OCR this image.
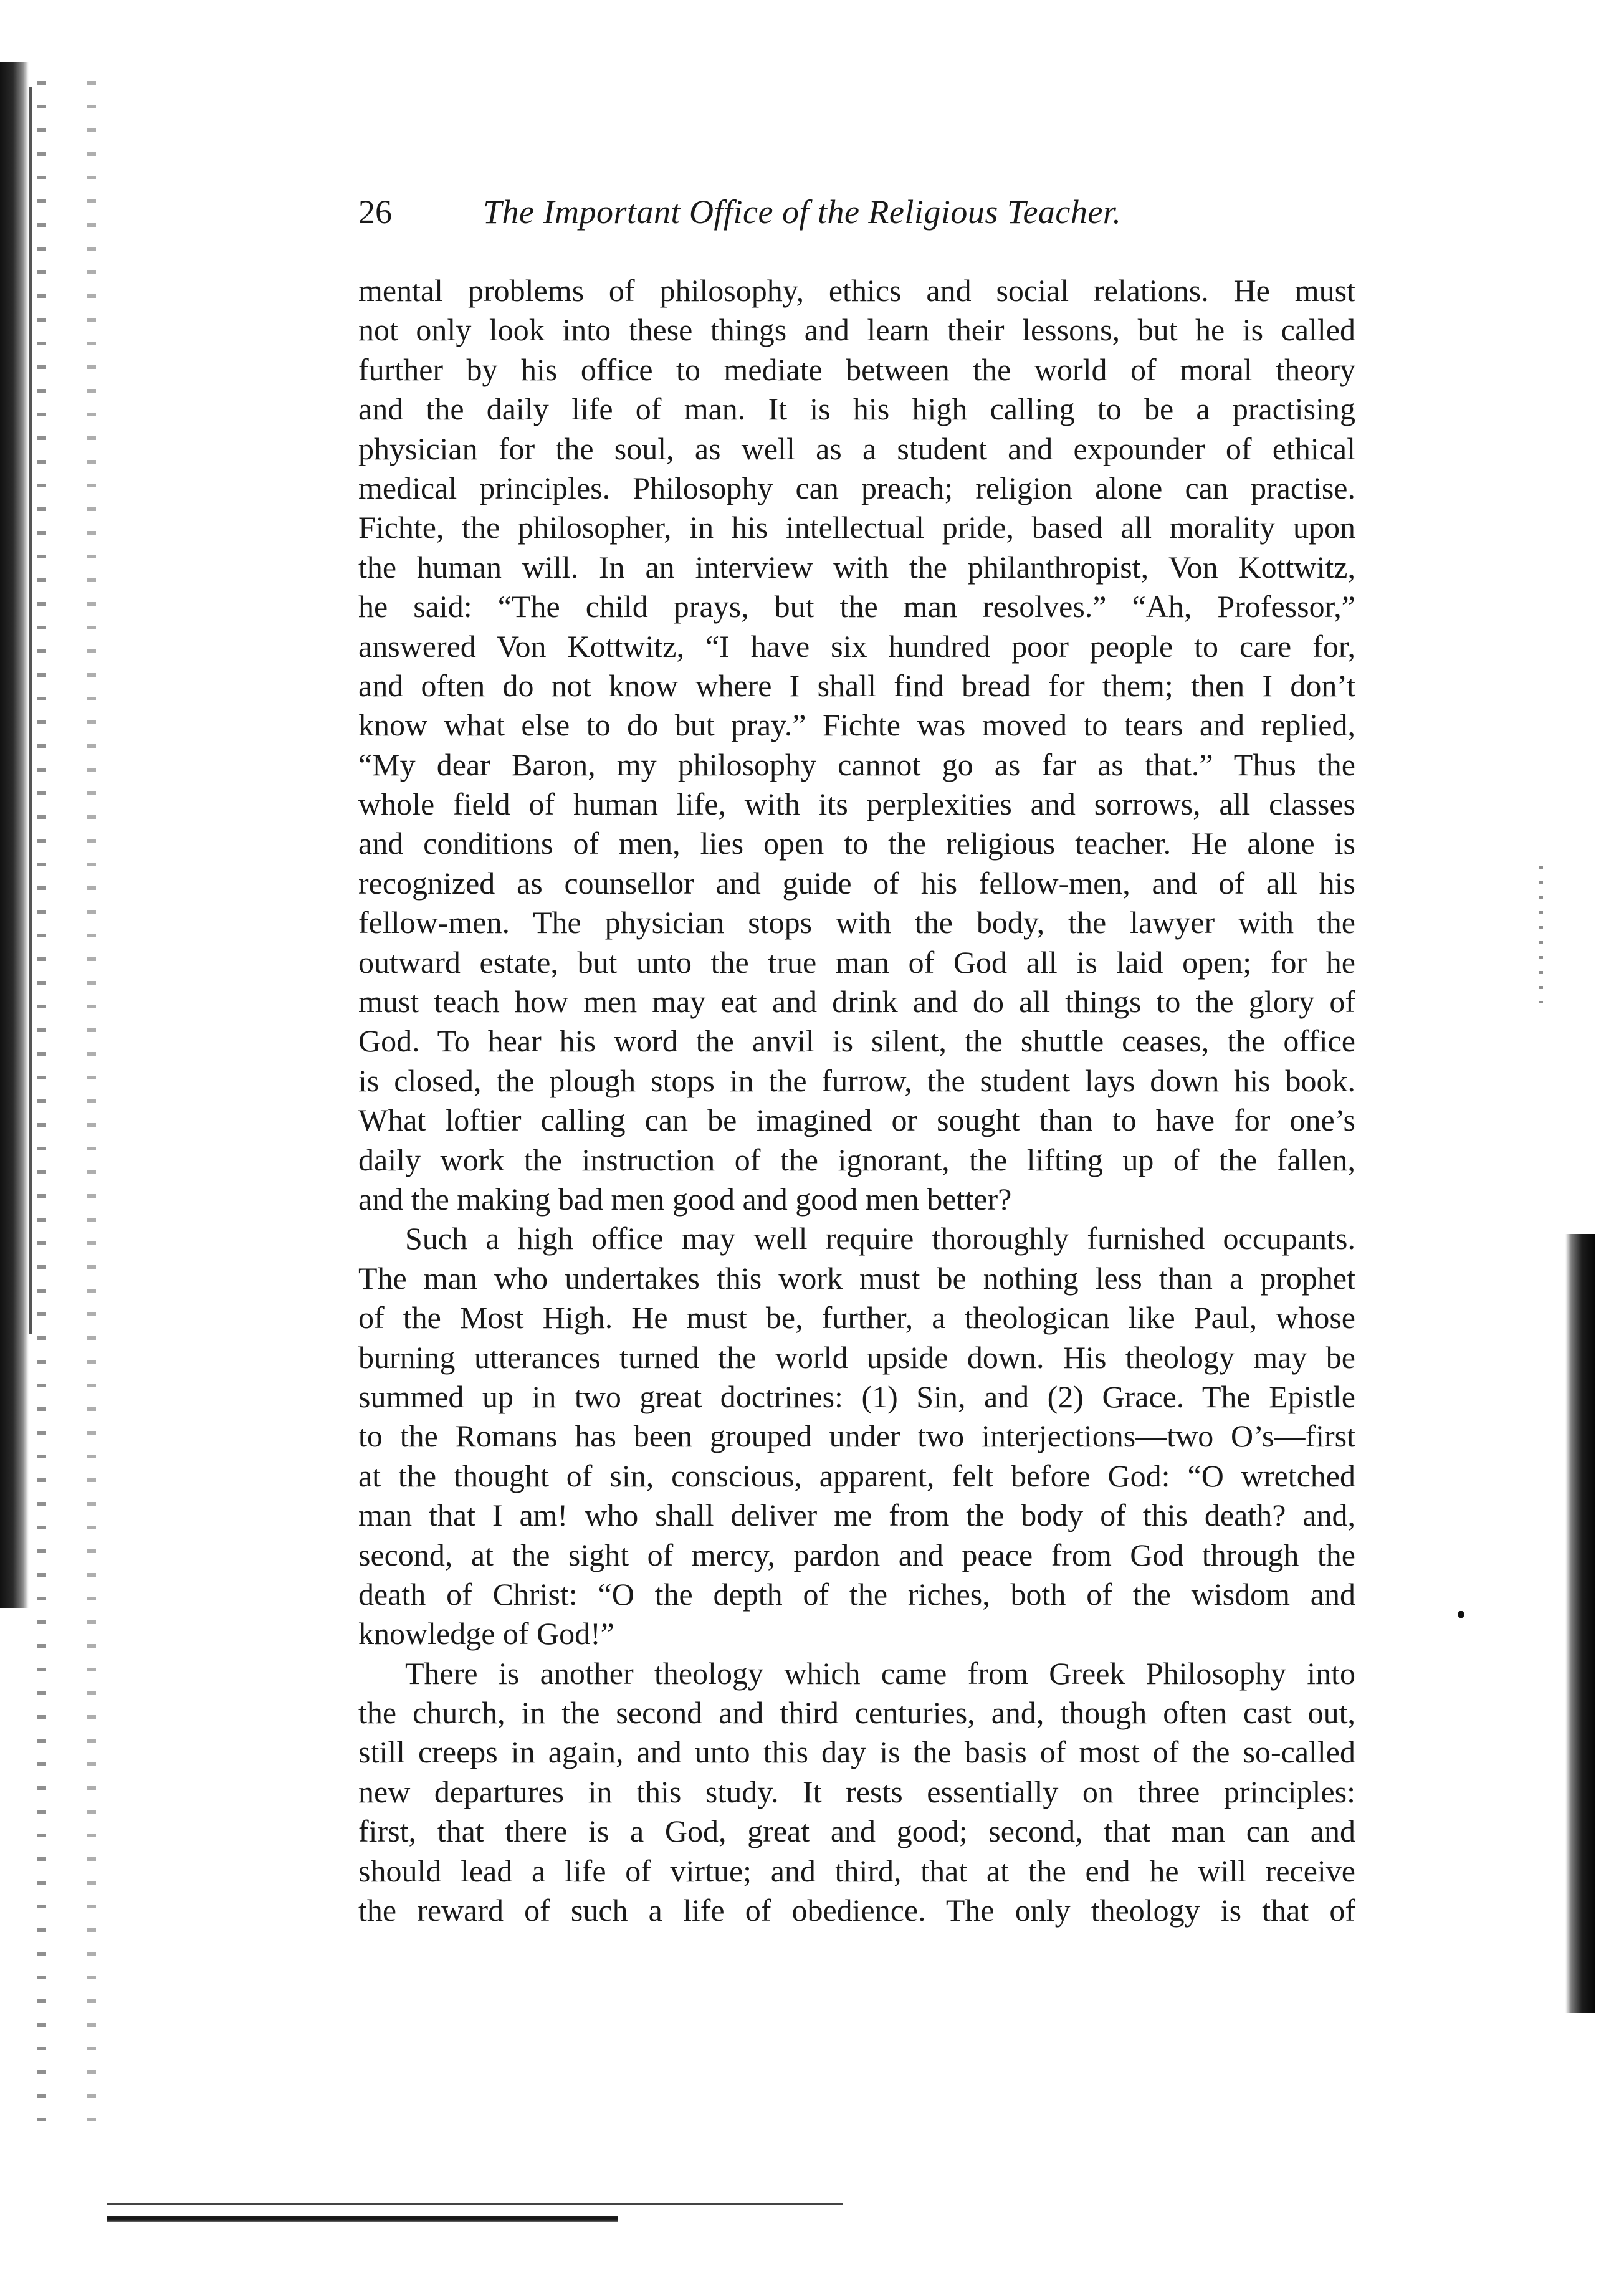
26	The Important Office of the Religious Teacher.
mental problems of philosophy, ethics and social relations. He must
not only look into these things and learn their lessons, but he is called
further by his office to mediate between the world of moral theory
and the daily life of man. It is his high calling to be a practising
physician for the soul, as well as a student and expounder of ethical
medical principles. Philosophy can preach; religion alone can practise.
Fichte, the philosopher, in his intellectual pride, based all morality upon
the human will. In an interview with the philanthropist, Von Kottwitz,
he said: “The child prays, but the man resolves.” “Ah, Professor,”
answered Von Kottwitz, “I have six hundred poor people to care for,
and often do not know where I shall find bread for them; then I don’t
know what else to do but pray.” Fichte was moved to tears and replied,
“My dear Baron, my philosophy cannot go as far as that.” Thus the
whole field of human life, with its perplexities and sorrows, all classes
and conditions of men, lies open to the religious teacher. He alone is
recognized as counsellor and guide of his fellow-men, and of all his
fellow-men. The physician stops with the body, the lawyer with the
outward estate, but unto the true man of God all is laid open; for he
must teach how men may eat and drink and do all things to the glory of
God. To hear his word the anvil is silent, the shuttle ceases, the office
is closed, the plough stops in the furrow, the student lays down his book.
What loftier calling can be imagined or sought than to have for one’s
daily work the instruction of the ignorant, the lifting up of the fallen,
and the making bad men good and good men better?
Such a high office may well require thoroughly furnished occupants.
The man who undertakes this work must be nothing less than a prophet
of the Most High. He must be, further, a theologican like Paul, whose
burning utterances turned the world upside down. His theology may be
summed up in two great doctrines: (1) Sin, and (2) Grace. The Epistle
to the Romans has been grouped under two interjections—two O’s—first
at the thought of sin, conscious, apparent, felt before God: “O wretched
man that I am! who shall deliver me from the body of this death? and,
second, at the sight of mercy, pardon and peace from God through the
death of Christ: “O the depth of the riches, both of the wisdom and
knowledge of God!”
There is another theology which came from Greek Philosophy into
the church, in the second and third centuries, and, though often cast out,
still creeps in again, and unto this day is the basis of most of the so-called
new departures in this study. It rests essentially on three principles:
first, that there is a God, great and good; second, that man can and
should lead a life of virtue; and third, that at the end he will receive
the reward of such a life of obedience. The only theology is that of
